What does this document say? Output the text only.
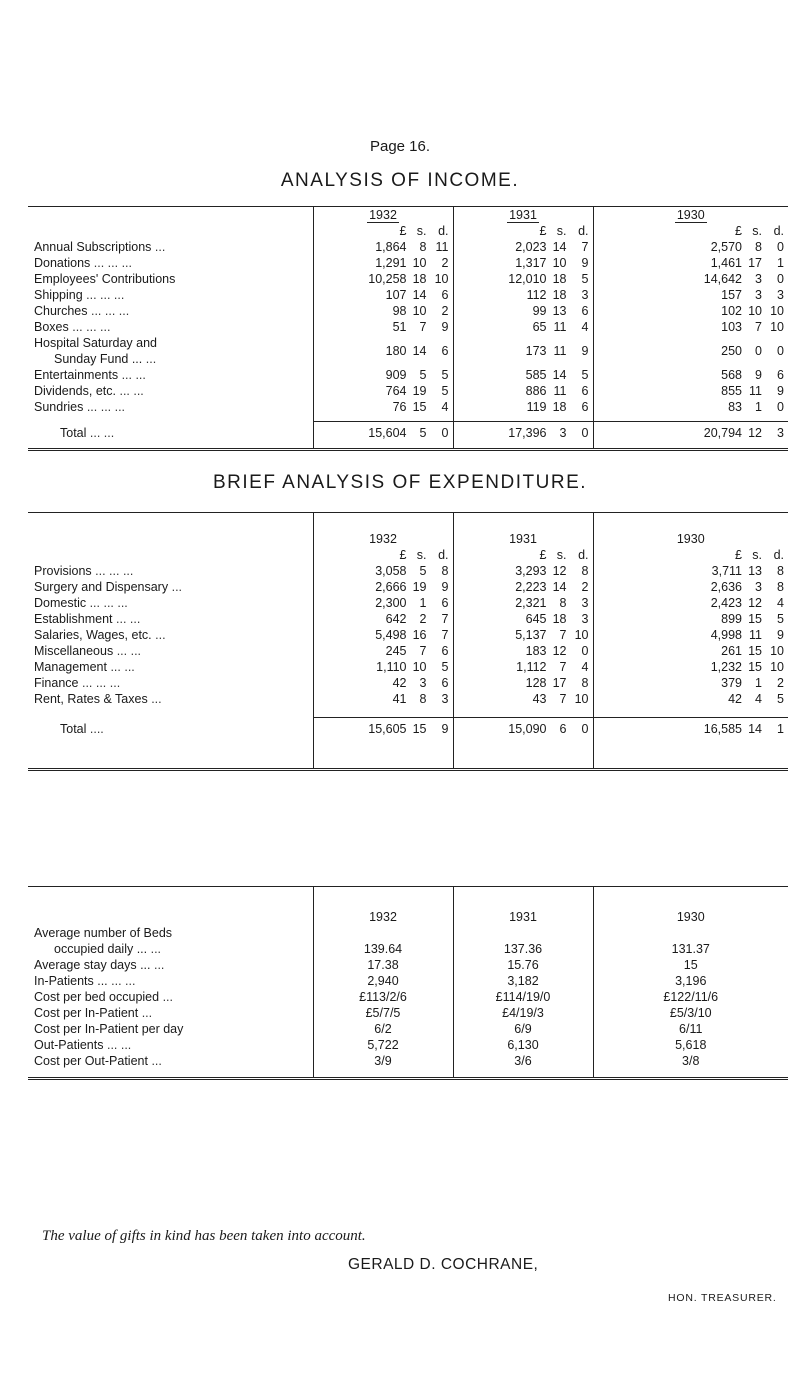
Page 16.
ANALYSIS OF INCOME.
	1932	1931	1930

	£ s. d.	£ s. d.	£ s. d.

Annual Subscriptions ...	1,864 8 11	2,023 14 7	2,570 8 0

Donations ... ... ...	1,291 10 2	1,317 10 9	1,461 17 1

Employees' Contributions	10,258 18 10	12,010 18 5	14,642 3 0

Shipping ... ... ...	107 14 6	112 18 3	157 3 3

Churches ... ... ...	98 10 2	99 13 6	102 10 10

Boxes ... ... ...	51 7 9	65 11 4	103 7 10

Hospital Saturday and
Sunday Fund ... ...	180 14 6	173 11 9	250 0 0

Entertainments ... ...	909 5 5	585 14 5	568 9 6

Dividends, etc. ... ...	764 19 5	886 11 6	855 11 9

Sundries ... ... ...	76 15 4	119 18 6	83 1 0

Total ... ...	15,604 5 0	17,396 3 0	20,794 12 3

BRIEF ANALYSIS OF EXPENDITURE.

	1932	1931	1930

	£ s. d.	£ s. d.	£ s. d.

Provisions ... ... ...	3,058 5 8	3,293 12 8	3,711 13 8

Surgery and Dispensary ...	2,666 19 9	2,223 14 2	2,636 3 8

Domestic ... ... ...	2,300 1 6	2,321 8 3	2,423 12 4

Establishment ... ...	642 2 7	645 18 3	899 15 5

Salaries, Wages, etc. ...	5,498 16 7	5,137 7 10	4,998 11 9

Miscellaneous ... ...	245 7 6	183 12 0	261 15 10

Management ... ...	1,110 10 5	1,112 7 4	1,232 15 10

Finance ... ... ...	42 3 6	128 17 8	379 1 2

Rent, Rates & Taxes ...	41 8 3	43 7 10	42 4 5

Total ....	15,605 15 9	15,090 6 0	16,585 14 1

	1932	1931	1930
Average number of Beds			
occupied daily ... ...	139.64	137.36	131.37
Average stay days ... ...	17.38	15.76	15
In-Patients ... ... ...	2,940	3,182	3,196
Cost per bed occupied ...	£113/2/6	£114/19/0	£122/11/6
Cost per In-Patient ...	£5/7/5	£4/19/3	£5/3/10
Cost per In-Patient per day	6/2	6/9	6/11
Out-Patients ... ...	5,722	6,130	5,618
Cost per Out-Patient ...	3/9	3/6	3/8

The value of gifts in kind has been taken into account.
GERALD D. COCHRANE,
HON. TREASURER.
